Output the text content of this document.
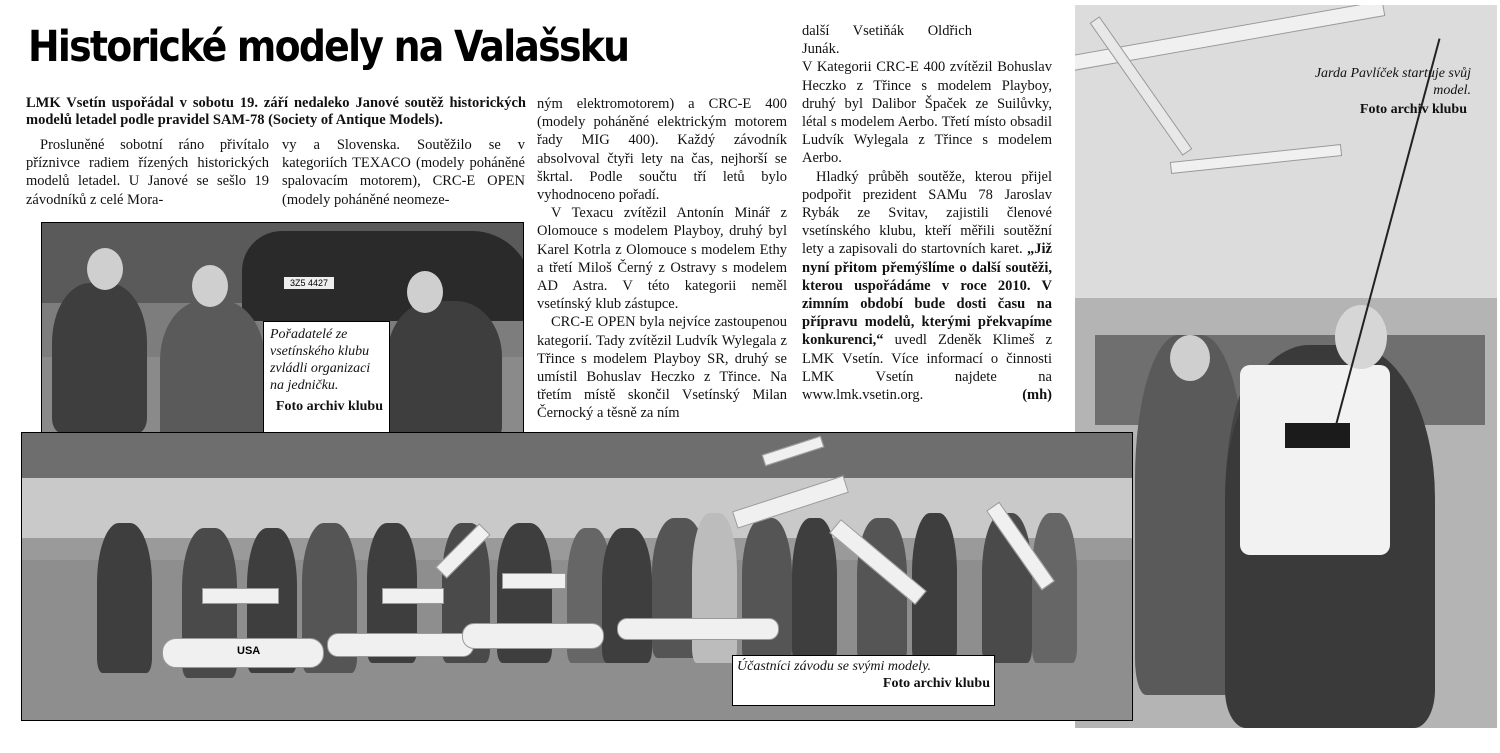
Historické modely na Valašsku
LMK Vsetín uspořádal v sobotu 19. září nedaleko Janové soutěž historických modelů letadel podle pravidel SAM-78 (Society of Antique Models).

Prosluněné sobotní ráno přivítalo příznivce radiem řízených historických modelů letadel. U Janové se sešlo 19 závodníků z celé Mora-

vy a Slovenska. Soutěžilo se v kategoriích TEXACO (modely poháněné spalovacím motorem), CRC-E OPEN (modely poháněné neomeze-

ným elektromotorem) a CRC-E 400 (modely poháněné elektrickým motorem řady MIG 400). Každý závodník absolvoval čtyři lety na čas, nejhorší se škrtal. Podle součtu tří letů bylo vyhodnoceno pořadí.

V Texacu zvítězil Antonín Minář z Olomouce s modelem Playboy, druhý byl Karel Kotrla z Olomouce s modelem Ethy a třetí Miloš Černý z Ostravy s modelem AD Astra. V této kategorii neměl vsetínský klub zástupce.

CRC-E OPEN byla nejvíce zastoupenou kategorií. Tady zvítězil Ludvík Wylegala z Třince s modelem Playboy SR, druhý se umístil Bohuslav Heczko z Třince. Na třetím místě skončil Vsetínský Milan Černocký a těsně za ním

další Vsetiňák Oldřich Junák.

V Kategorii CRC-E 400 zvítězil Bohuslav Heczko z Třince s modelem Playboy, druhý byl Dalibor Špaček ze Suilůvky, létal s modelem Aerbo. Třetí místo obsadil Ludvík Wylegala z Třince s modelem Aerbo.

Hladký průběh soutěže, kterou přijel podpořit prezident SAMu 78 Jaroslav Rybák ze Svitav, zajistili členové vsetínského klubu, kteří měřili soutěžní lety a zapisovali do startovních karet. „Již nyní přitom přemýšlíme o další soutěži, kterou uspořádáme v roce 2010. V zimním období bude dosti času na přípravu modelů, kterými překvapíme konkurenci,“ uvedl Zdeněk Klimeš z LMK Vsetín. Více informací o činnosti LMK Vsetín najdete na www.lmk.vsetin.org.	(mh)

3Z5 4427
Pořadatelé ze vsetínského klubu zvládli organizaci na jedničku.
Foto archiv klubu
Jarda Pavlíček startuje svůj model.
Foto archiv klubu
USA
Účastníci závodu se svými modely.
Foto archiv klubu
